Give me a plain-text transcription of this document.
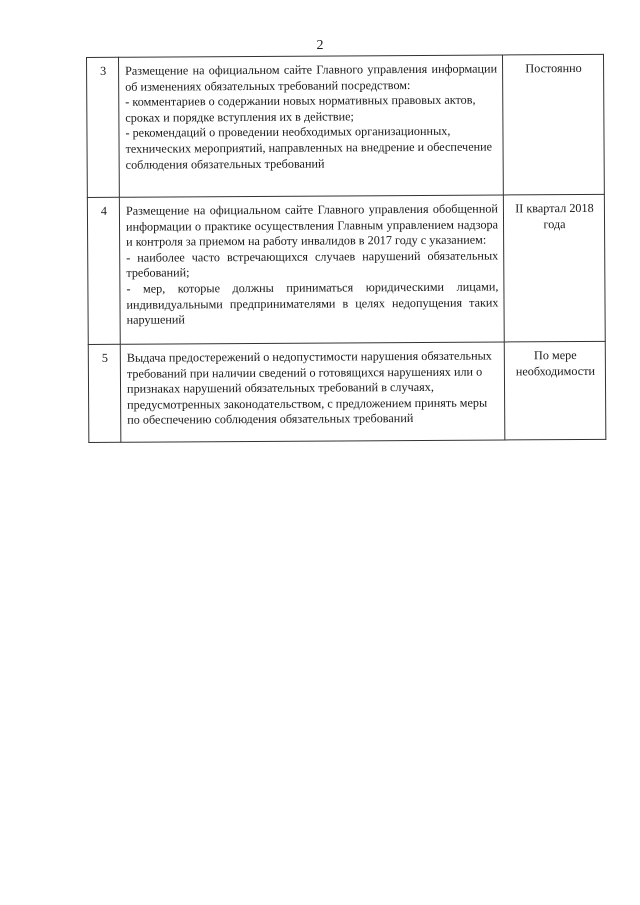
2
3	Размещение на официальном сайте Главного управления информации об изменениях обязательных требований посредством:

- комментариев о содержании новых нормативных правовых актов, сроках и порядке вступления их в действие;

- рекомендаций о проведении необходимых организационных, технических мероприятий, направленных на внедрение и обеспечение соблюдения обязательных требований	Постоянно
4	Размещение на официальном сайте Главного управления обобщенной информации о практике осуществления Главным управлением надзора и контроля за приемом на работу инвалидов в 2017 году с указанием:

- наиболее часто встречающихся случаев нарушений обязательных требований;

- мер, которые должны приниматься юридическими лицами, индивидуальными предпринимателями в целях недопущения таких нарушений	II квартал 2018 года
5	Выдача предостережений о недопустимости нарушения обязательных требований при наличии сведений о готовящихся нарушениях или о признаках нарушений обязательных требований в случаях, предусмотренных законодательством, с предложением принять меры по обеспечению соблюдения обязательных требований	По мере необходимости
